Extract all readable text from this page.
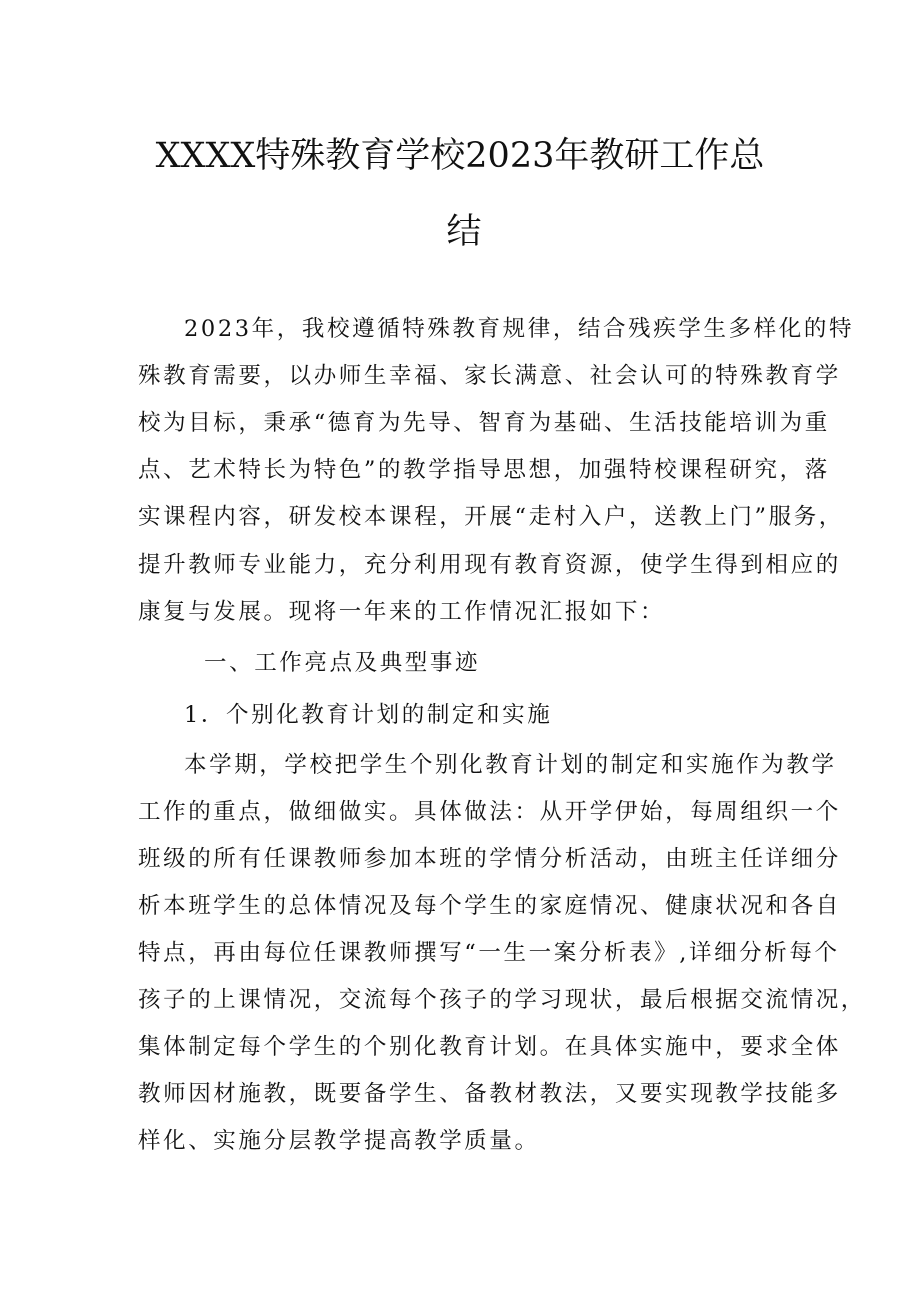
XXXX特殊教育学校2023年教研工作总
结

2023年，我校遵循特殊教育规律，结合残疾学生多样化的特

殊教育需要，以办师生幸福、家长满意、社会认可的特殊教育学

校为目标，秉承“德育为先导、智育为基础、生活技能培训为重

点、艺术特长为特色”的教学指导思想，加强特校课程研究，落

实课程内容，研发校本课程，开展“走村入户，送教上门”服务，

提升教师专业能力，充分利用现有教育资源，使学生得到相应的

康复与发展。现将一年来的工作情况汇报如下：

一、工作亮点及典型事迹

1．个别化教育计划的制定和实施

本学期，学校把学生个别化教育计划的制定和实施作为教学

工作的重点，做细做实。具体做法：从开学伊始，每周组织一个

班级的所有任课教师参加本班的学情分析活动，由班主任详细分

析本班学生的总体情况及每个学生的家庭情况、健康状况和各自

特点，再由每位任课教师撰写“一生一案分析表》,详细分析每个

孩子的上课情况，交流每个孩子的学习现状，最后根据交流情况，

集体制定每个学生的个别化教育计划。在具体实施中，要求全体

教师因材施教，既要备学生、备教材教法，又要实现教学技能多

样化、实施分层教学提高教学质量。
